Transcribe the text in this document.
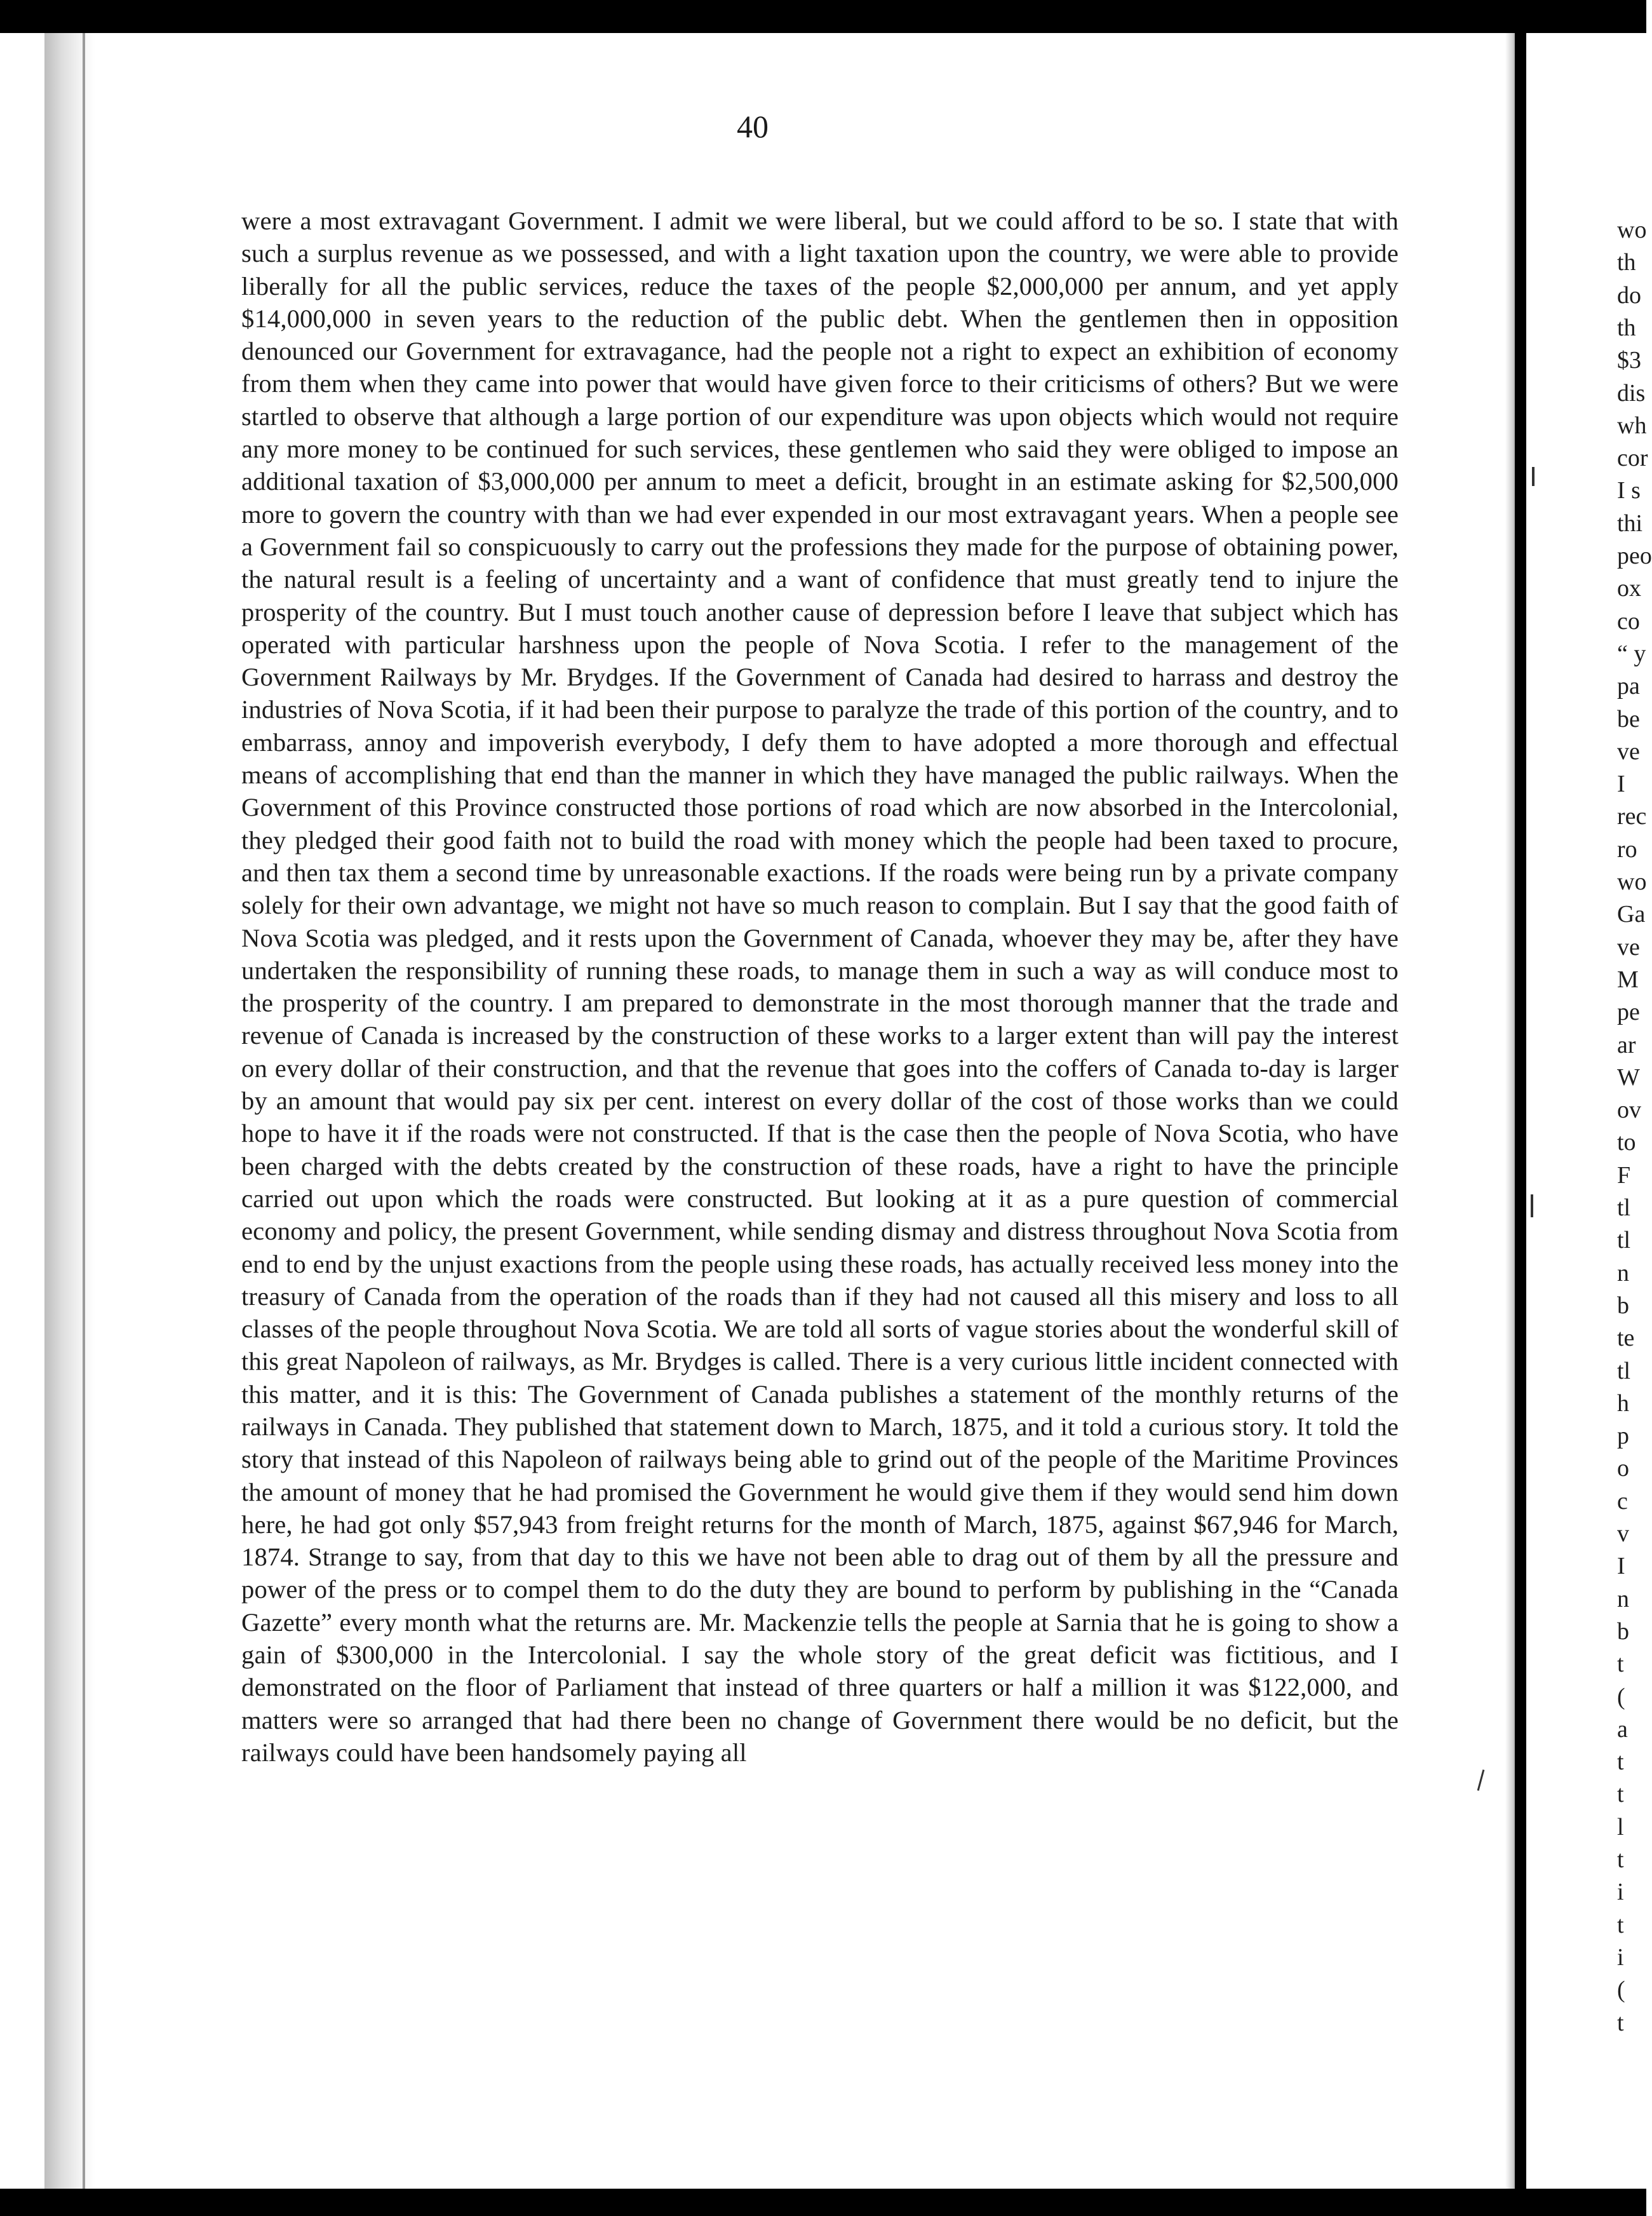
40

were a most extravagant Government. I admit we were liberal, but we could afford to be so. I state that with such a surplus revenue as we possessed, and with a light taxation upon the country, we were able to provide liberally for all the public services, reduce the taxes of the people $2,000,000 per annum, and yet apply $14,000,000 in seven years to the reduction of the public debt. When the gentlemen then in opposition denounced our Government for extravagance, had the people not a right to expect an exhibition of economy from them when they came into power that would have given force to their criticisms of others? But we were startled to observe that although a large portion of our expenditure was upon objects which would not require any more money to be continued for such services, these gentlemen who said they were obliged to impose an additional taxation of $3,000,000 per annum to meet a deficit, brought in an estimate asking for $2,500,000 more to govern the country with than we had ever expended in our most extravagant years. When a people see a Government fail so conspicuously to carry out the professions they made for the purpose of obtaining power, the natural result is a feeling of uncertainty and a want of confidence that must greatly tend to injure the prosperity of the country. But I must touch another cause of depression before I leave that subject which has operated with particular harshness upon the people of Nova Scotia. I refer to the management of the Government Railways by Mr. Brydges. If the Government of Canada had desired to harrass and destroy the industries of Nova Scotia, if it had been their purpose to paralyze the trade of this portion of the country, and to embarrass, annoy and impoverish everybody, I defy them to have adopted a more thorough and effectual means of accomplishing that end than the manner in which they have managed the public railways. When the Government of this Province constructed those portions of road which are now absorbed in the Intercolonial, they pledged their good faith not to build the road with money which the people had been taxed to procure, and then tax them a second time by unreasonable exactions. If the roads were being run by a private company solely for their own advantage, we might not have so much reason to complain. But I say that the good faith of Nova Scotia was pledged, and it rests upon the Government of Canada, whoever they may be, after they have undertaken the responsibility of running these roads, to manage them in such a way as will conduce most to the prosperity of the country. I am prepared to demonstrate in the most thorough manner that the trade and revenue of Canada is increased by the construction of these works to a larger extent than will pay the interest on every dollar of their construction, and that the revenue that goes into the coffers of Canada to-day is larger by an amount that would pay six per cent. interest on every dollar of the cost of those works than we could hope to have it if the roads were not constructed. If that is the case then the people of Nova Scotia, who have been charged with the debts created by the construction of these roads, have a right to have the principle carried out upon which the roads were constructed. But looking at it as a pure question of commercial economy and policy, the present Government, while sending dismay and distress throughout Nova Scotia from end to end by the unjust exactions from the people using these roads, has actually received less money into the treasury of Canada from the operation of the roads than if they had not caused all this misery and loss to all classes of the people throughout Nova Scotia. We are told all sorts of vague stories about the wonderful skill of this great Napoleon of railways, as Mr. Brydges is called. There is a very curious little incident connected with this matter, and it is this: The Government of Canada publishes a statement of the monthly returns of the railways in Canada. They published that statement down to March, 1875, and it told a curious story. It told the story that instead of this Napoleon of railways being able to grind out of the people of the Maritime Provinces the amount of money that he had promised the Government he would give them if they would send him down here, he had got only $57,943 from freight returns for the month of March, 1875, against $67,946 for March, 1874. Strange to say, from that day to this we have not been able to drag out of them by all the pressure and power of the press or to compel them to do the duty they are bound to perform by publishing in the “Canada Gazette” every month what the returns are. Mr. Mackenzie tells the people at Sarnia that he is going to show a gain of $300,000 in the Intercolonial. I say the whole story of the great deficit was fictitious, and I demonstrated on the floor of Parliament that instead of three quarters or half a million it was $122,000, and matters were so arranged that had there been no change of Government there would be no deficit, but the railways could have been handsomely paying all

wo
th
do
th
$3
dis
wh
cor
I s
thi
peo
ox
co
“ y
pa
be
ve
I
rec
ro
wo
Ga
ve
M
pe
ar
W
ov
to
F
tl
tl
n
b
te
tl
h
p
o
c
v
I
n
b
t
(
a
t
t
l
t
i
t
i
(
t
